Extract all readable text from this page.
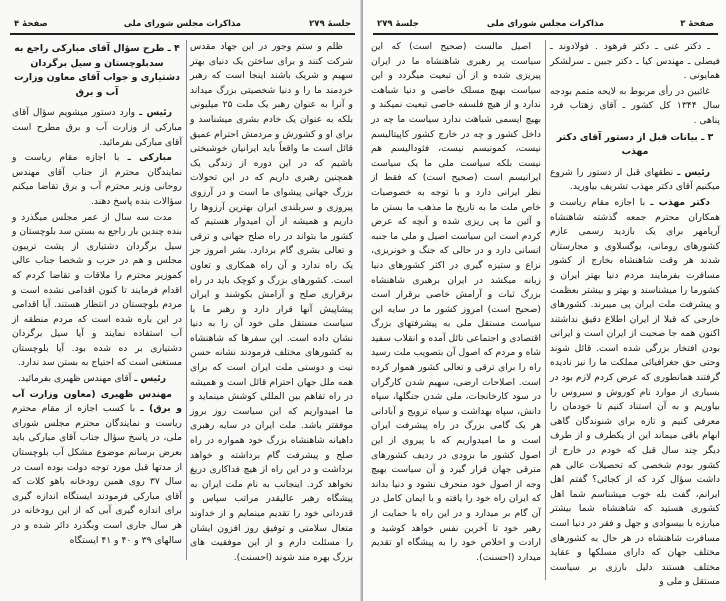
جلسهٔ ۲۷۹
مذاکرات مجلس شورای ملی
صفحهٔ ۴

ظلم و ستم وجور در این جهاد مقدس شرکت کنند و برای ساختن یک دنیای بهتر سهیم و شریک باشند اینجا است که رهبر خردمند ما را و دنیا شخصیتی بزرگ میداند و آنرا به عنوان رهبر یک ملت ۲۵ میلیونی بلکه به عنوان یک خادم بشری میشناسد و برای او و کشورش و مردمش احترام عمیق قائل است ما واقعاً باید ایرانیان خوشبختی باشیم که در این دوره از زندگی یک همچنین رهبری داریم که در این تحولات بزرگ جهانی پیشوای ما است و در آرزوی پیروزی و سربلندی ایران بهترین آرزوها را داریم و همیشه از آن امیدوار هستیم که کشور ما بتواند در راه صلح جهانی و ترقی و تعالی بشری گام بردارد. بشر امروز جز یک راه ندارد و آن راه همکاری و تعاون است. کشورهای بزرگ و کوچک باید در راه برقراری صلح و آرامش بکوشند و ایران پیشاپیش آنها قرار دارد و رهبر ما با سیاست مستقل ملی خود آن را به دنیا نشان داده است. این سفرها که شاهنشاه به کشورهای مختلف فرمودند نشانه حسن نیت و دوستی ملت ایران است که برای همه ملل جهان احترام قائل است و همیشه در راه تفاهم بین المللی کوشش مینماید و ما امیدواریم که این سیاست روز بروز موفقتر باشد. ملت ایران در سایه رهبری داهیانه شاهنشاه بزرگ خود همواره در راه صلح و پیشرفت گام برداشته و خواهد برداشت و در این راه از هیچ فداکاری دریغ نخواهد کرد. اینجانب به نام ملت ایران به پیشگاه رهبر عالیقدر مراتب سپاس و قدردانی خود را تقدیم مینمایم و از خداوند متعال سلامتی و توفیق روز افزون ایشان را مسئلت دارم و از این موفقیت های بزرگ بهره مند شوند (احسنت).

۴ ـ طرح سؤال آقای مبارکی راجع به سدبلوچستان و سیل برگردان دشتیاری و جواب آقای معاون وزارت آب و برق

رئیس ـ وارد دستور میشویم سؤال آقای مبارکی از وزارت آب و برق مطرح است آقای مبارکی بفرمائید.

مبارکی ـ با اجازه مقام ریاست و نمایندگان محترم از جناب آقای مهندس روحانی وزیر محترم آب و برق تقاضا میکنم سؤالات بنده پاسخ دهند.

مدت سه سال از عمر مجلس میگذرد و بنده چندین بار راجع به بستن سد بلوچستان و سیل برگردان دشتیاری از پشت تریبون مجلس و هم در حزب و شخصا جناب عالی کموزیر محترم را ملاقات و تقاضا کردم که اقدام فرمایند تا کنون اقدامی نشده است و مردم بلوچستان در انتظار هستند. آیا اقدامی در این باره شده است که مردم منطقه از آب استفاده نمایند و آیا سیل برگردان دشتیاری بر ده شده بود. آیا بلوچستان مستغنی است که احتیاج به بستن سد ندارد.

رئیس ـ آقای مهندس ظهیری بفرمائید.

مهندس ظهیری (معاون وزارت آب و برق) ـ با کسب اجازه از مقام محترم ریاست و نمایندگان محترم مجلس شورای ملی، در پاسخ سؤال جناب آقای مبارکی باید بعرض برسانم موضوع مشکل آب بلوچستان از مدتها قبل مورد توجه دولت بوده است در سال ۳۷ روی همین رودخانه باهو کلات که آقای مبارکی فرمودند ایستگاه اندازه گیری برای اندازه گیری آبی که از این رودخانه در هر سال جاری است وبگذرد دائر شده و در سالهای ۳۹ و ۴۰ و ۴۱ ایستگاه

صفحهٔ ۳
مذاکرات مجلس شورای ملی
جلسهٔ ۲۷۹

اصیل مالست (صحیح است) که این سیاست پر رهبری شاهنشاه ما در ایران پیریزی شده و از آن تبعیت میگردد و این سیاست بهیچ مسلک خاصی و دنیا شباهت ندارد و از هیچ فلسفه خاصی تبعیت نمیکند و بهیچ ایسمی شباهت ندارد سیاست ما چه در داخل کشور و چه در خارج کشور کاپیتالیسم نیست، کمونیسم نیست، فئودالیسم هم نیست بلکه سیاست ملی ما یک سیاست ایرانیسم است (صحیح است) که فقط از نظر ایرانی دارد و با توجه به خصوصیات خاص ملت ما به تاریخ ما مذهب ما بستن ما و آئین ما پی ریزی شده و آنچه که عرض کردم است این سیاست اصیل و ملی ما جنبه انسانی دارد و در حالی که جنگ و خونریزی، نزاع و ستیزه گیری در اکثر کشورهای دنیا زبانه میکشد در ایران برهبری شاهنشاه بزرگ ثبات و آرامش خاصی برقرار است (صحیح است) امروز کشور ما در سایه این سیاست مستقل ملی به پیشرفتهای بزرگ اقتصادی و اجتماعی نائل آمده و انقلاب سفید شاه و مردم که اصول آن بتصویب ملت رسید راه را برای ترقی و تعالی کشور هموار کرده است. اصلاحات ارضی، سهیم شدن کارگران در سود کارخانجات، ملی شدن جنگلها، سپاه دانش، سپاه بهداشت و سپاه ترویج و آبادانی هر یک گامی بزرگ در راه پیشرفت ایران است و ما امیدواریم که با پیروی از این اصول کشور ما بزودی در ردیف کشورهای مترقی جهان قرار گیرد و آن سیاست بهیچ وجه از اصول خود منحرف نشود و دنیا بداند که ایران راه خود را یافته و با ایمان کامل در آن گام بر میدارد و در این راه با حمایت از رهبر خود تا آخرین نفس خواهد کوشید و ارادت و اخلاص خود را به پیشگاه او تقدیم میدارد (احسنت).

ـ دکتر غنی ـ دکتر فرهود . فولادوند ـ فیصلی ـ مهندس کیا ـ دکتر جبین ـ سرلشکر همایونی .

غائبین در رأی مربوط به لایحه متمم بودجه سال ۱۳۴۴ کل کشور ـ آقای زهتاب فرد پناهی .

۳ ـ بیانات قبل از دستور آقای دکتر مهذب

رئیس ـ نطقهای قبل از دستور را شروع میکنیم آقای دکتر مهذب تشریف بیاورید.

دکتر مهذب ـ با اجازه مقام ریاست و همکاران محترم جمعه گذشته شاهنشاه آریامهر برای یک بازدید رسمی عازم کشورهای رومانی، یوگسلاوی و مجارستان شدند هر وقت شاهنشاه بخارج از کشور مسافرت بفرمایند مردم دنیا بهتر ایران و کشورما را میشناسند و بهتر و بیشتر بعظمت و پیشرفت ملت ایران پی میبرند. کشورهای خارجی که قبلا از ایران اطلاع دقیق نداشتند اکنون همه جا صحبت از ایران است و ایرانی بودن افتخار بزرگی شده است. قائل شوند وحتی حق جغرافیائی مملکت ما را نیز نادیده گرفتند همانطوری که عرض کردم لازم بود در بسیاری از موارد نام کوروش و سیروس را بیاوریم و به آن استناد کنیم تا خودمان را معرفی کنیم و تازه برای شنوندگان گاهی ابهام باقی میماند این از یکطرف و از طرف دیگر چند سال قبل که خودم در خارج از کشور بودم شخصی که تحصیلات عالی هم داشت سؤال کرد که از کجائی؟ گفتم اهل ایرانم، گفت بله خوب میشناسم شما اهل کشوری هستید که شاهنشاه شما بیشتر مبارزه با بیسوادی و جهل و فقر در دنیا است مسافرت شاهنشاه در هر حال به کشورهای مختلف جهان که دارای مسلکها و عقاید مختلف هستند دلیل بارزی بر سیاست مستقل و ملی و
